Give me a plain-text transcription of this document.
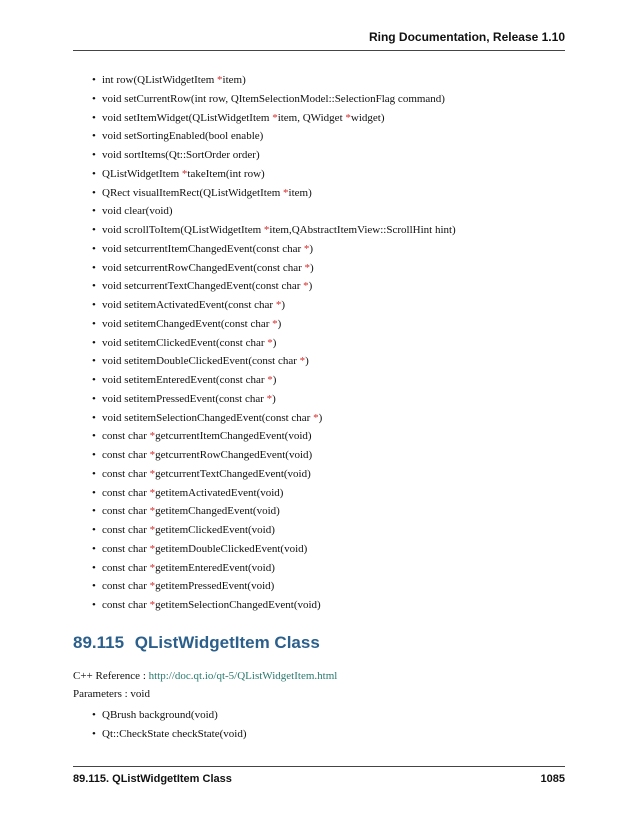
Ring Documentation, Release 1.10
• int row(QListWidgetItem *item)
• void setCurrentRow(int row, QItemSelectionModel::SelectionFlag command)
• void setItemWidget(QListWidgetItem *item, QWidget *widget)
• void setSortingEnabled(bool enable)
• void sortItems(Qt::SortOrder order)
• QListWidgetItem *takeItem(int row)
• QRect visualItemRect(QListWidgetItem *item)
• void clear(void)
• void scrollToItem(QListWidgetItem *item,QAbstractItemView::ScrollHint hint)
• void setcurrentItemChangedEvent(const char *)
• void setcurrentRowChangedEvent(const char *)
• void setcurrentTextChangedEvent(const char *)
• void setitemActivatedEvent(const char *)
• void setitemChangedEvent(const char *)
• void setitemClickedEvent(const char *)
• void setitemDoubleClickedEvent(const char *)
• void setitemEnteredEvent(const char *)
• void setitemPressedEvent(const char *)
• void setitemSelectionChangedEvent(const char *)
• const char *getcurrentItemChangedEvent(void)
• const char *getcurrentRowChangedEvent(void)
• const char *getcurrentTextChangedEvent(void)
• const char *getitemActivatedEvent(void)
• const char *getitemChangedEvent(void)
• const char *getitemClickedEvent(void)
• const char *getitemDoubleClickedEvent(void)
• const char *getitemEnteredEvent(void)
• const char *getitemPressedEvent(void)
• const char *getitemSelectionChangedEvent(void)
89.115 QListWidgetItem Class
C++ Reference : http://doc.qt.io/qt-5/QListWidgetItem.html
Parameters : void
• QBrush background(void)
• Qt::CheckState checkState(void)
89.115. QListWidgetItem Class	1085
